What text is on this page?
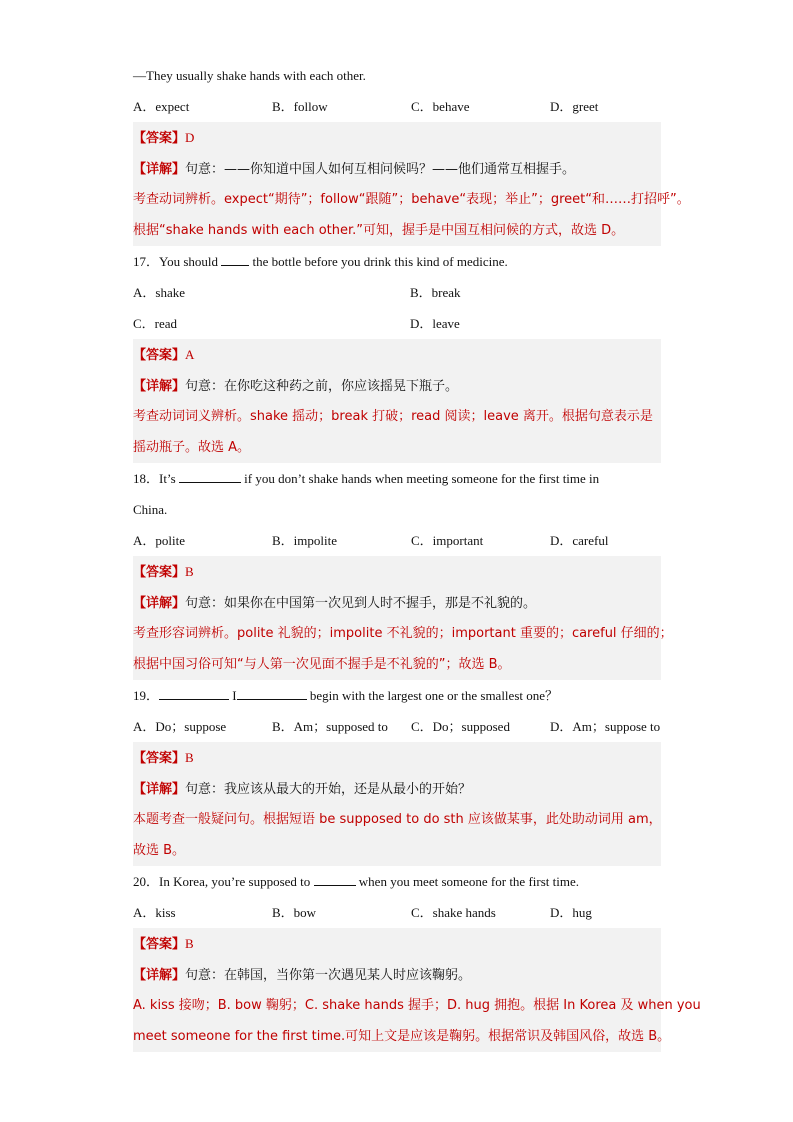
—They usually shake hands with each other.
A．expect	B．follow	C．behave	D．greet
【答案】D
【详解】句意：——你知道中国人如何互相问候吗？——他们通常互相握手。
考查动词辨析。expect“期待”；follow“跟随”；behave“表现；举止”；greet“和……打招呼”。
根据“shake hands with each other.”可知，握手是中国互相问候的方式，故选 D。
17．You should  the bottle before you drink this kind of medicine.
A．shake	B．break
C．read	D．leave
【答案】A
【详解】句意：在你吃这种药之前，你应该摇晃下瓶子。
考查动词词义辨析。shake 摇动；break 打破；read 阅读；leave 离开。根据句意表示是
摇动瓶子。故选 A。
18．It’s	if you don’t shake hands when meeting someone for the first time in
China.
A．polite	B．impolite	C．important	D．careful
【答案】B
【详解】句意：如果你在中国第一次见到人时不握手，那是不礼貌的。
考查形容词辨析。polite 礼貌的；impolite 不礼貌的；important 重要的；careful 仔细的；
根据中国习俗可知“与人第一次见面不握手是不礼貌的”；故选 B。
19．	I	begin with the largest one or the smallest one？
A．Do；suppose	B．Am；supposed to	C．Do；supposed	D．Am；suppose to
【答案】B
【详解】句意：我应该从最大的开始，还是从最小的开始？
本题考查一般疑问句。根据短语 be supposed to do sth 应该做某事，此处助动词用 am，
故选 B。
20．In Korea, you’re supposed to	when you meet someone for the first time.
A．kiss	B．bow	C．shake hands	D．hug
【答案】B
【详解】句意：在韩国，当你第一次遇见某人时应该鞠躬。
A. kiss 接吻；B. bow 鞠躬；C. shake hands 握手；D. hug 拥抱。根据 In Korea 及 when you
meet someone for the first time.可知上文是应该是鞠躬。根据常识及韩国风俗，故选 B。
